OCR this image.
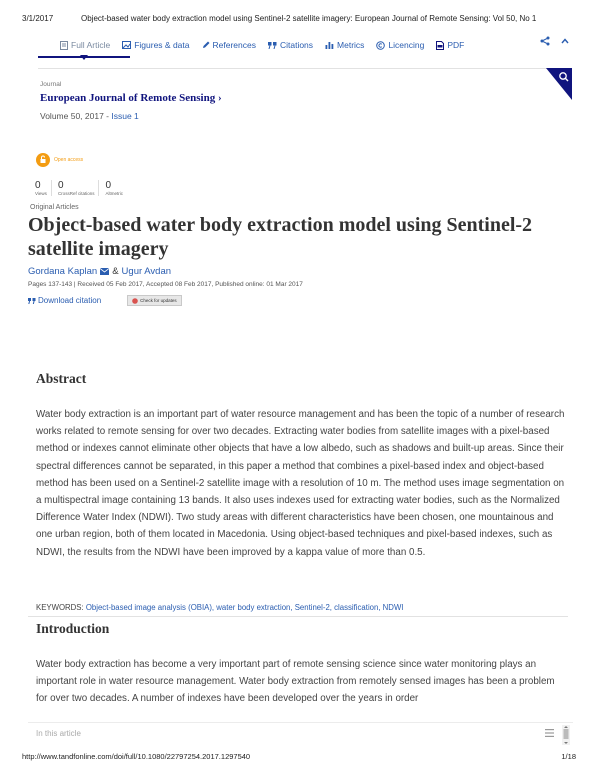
3/1/2017	Object-based water body extraction model using Sentinel-2 satellite imagery: European Journal of Remote Sensing: Vol 50, No 1
Full Article	Figures & data	References	Citations	Metrics	Licencing	PDF
Journal
European Journal of Remote Sensing ›
Volume 50, 2017 - Issue 1
Open access
0
Views
0
CrossRef citations
0
Altmetric
Original Articles
Object-based water body extraction model using Sentinel-2 satellite imagery
Gordana Kaplan & Ugur Avdan
Pages 137-143 | Received 05 Feb 2017, Accepted 08 Feb 2017, Published online: 01 Mar 2017
Download citation	Check for updates
Abstract
Water body extraction is an important part of water resource management and has been the topic of a number of research works related to remote sensing for over two decades. Extracting water bodies from satellite images with a pixel-based method or indexes cannot eliminate other objects that have a low albedo, such as shadows and built-up areas. Since their spectral differences cannot be separated, in this paper a method that combines a pixel-based index and object-based method has been used on a Sentinel-2 satellite image with a resolution of 10 m. The method uses image segmentation on a multispectral image containing 13 bands. It also uses indexes used for extracting water bodies, such as the Normalized Difference Water Index (NDWI). Two study areas with different characteristics have been chosen, one mountainous and one urban region, both of them located in Macedonia. Using object-based techniques and pixel-based indexes, such as NDWI, the results from the NDWI have been improved by a kappa value of more than 0.5.
KEYWORDS: Object-based image analysis (OBIA), water body extraction, Sentinel-2, classification, NDWI
Introduction
Water body extraction has become a very important part of remote sensing science since water monitoring plays an important role in water resource management. Water body extraction from remotely sensed images has been a problem for over two decades. A number of indexes have been developed over the years in order
In this article
http://www.tandfonline.com/doi/full/10.1080/22797254.2017.1297540	1/18
